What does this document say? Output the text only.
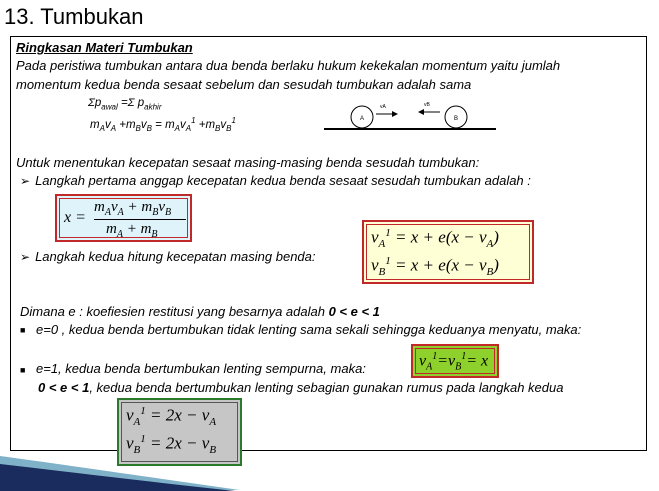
13. Tumbukan
Ringkasan Materi Tumbukan
Pada peristiwa tumbukan antara dua benda berlaku hukum kekekalan momentum yaitu jumlah
momentum kedua benda sesaat sebelum dan sesudah tumbukan adalah sama
$\Sigma p_{awal} =\Sigma$ $p_{akhir}$
$m_Av_A +m_Bv_B = m_Av_A^1 +m_Bv_B^1$	A
vA
B
vB
Untuk menentukan kecepatan sesaat masing-masing benda sesudah tumbukan:
➢ Langkah pertama anggap kecepatan kedua benda sesaat sesudah tumbukan adalah :
x =
$m_Av_A + m_Bv_B$
$m_A + m_B$
➢ Langkah kedua hitung kecepatan masing benda:
$v_A^1 = x + e(x - v_A)$
$v_B^1 = x + e(x - v_B)$
Dimana e : koefiesien restitusi yang besarnya adalah 0 < e < 1
■ e=0 , kedua benda bertumbukan tidak lenting sama sekali sehingga keduanya menyatu, maka:
■ e=1, kedua benda bertumbukan lenting sempurna, maka:	$v_A^1=v_B^1= x$
0 < e < 1, kedua benda bertumbukan lenting sebagian gunakan rumus pada langkah kedua
$v_A^1 = 2x - v_A$
$v_B^1 = 2x - v_B$
